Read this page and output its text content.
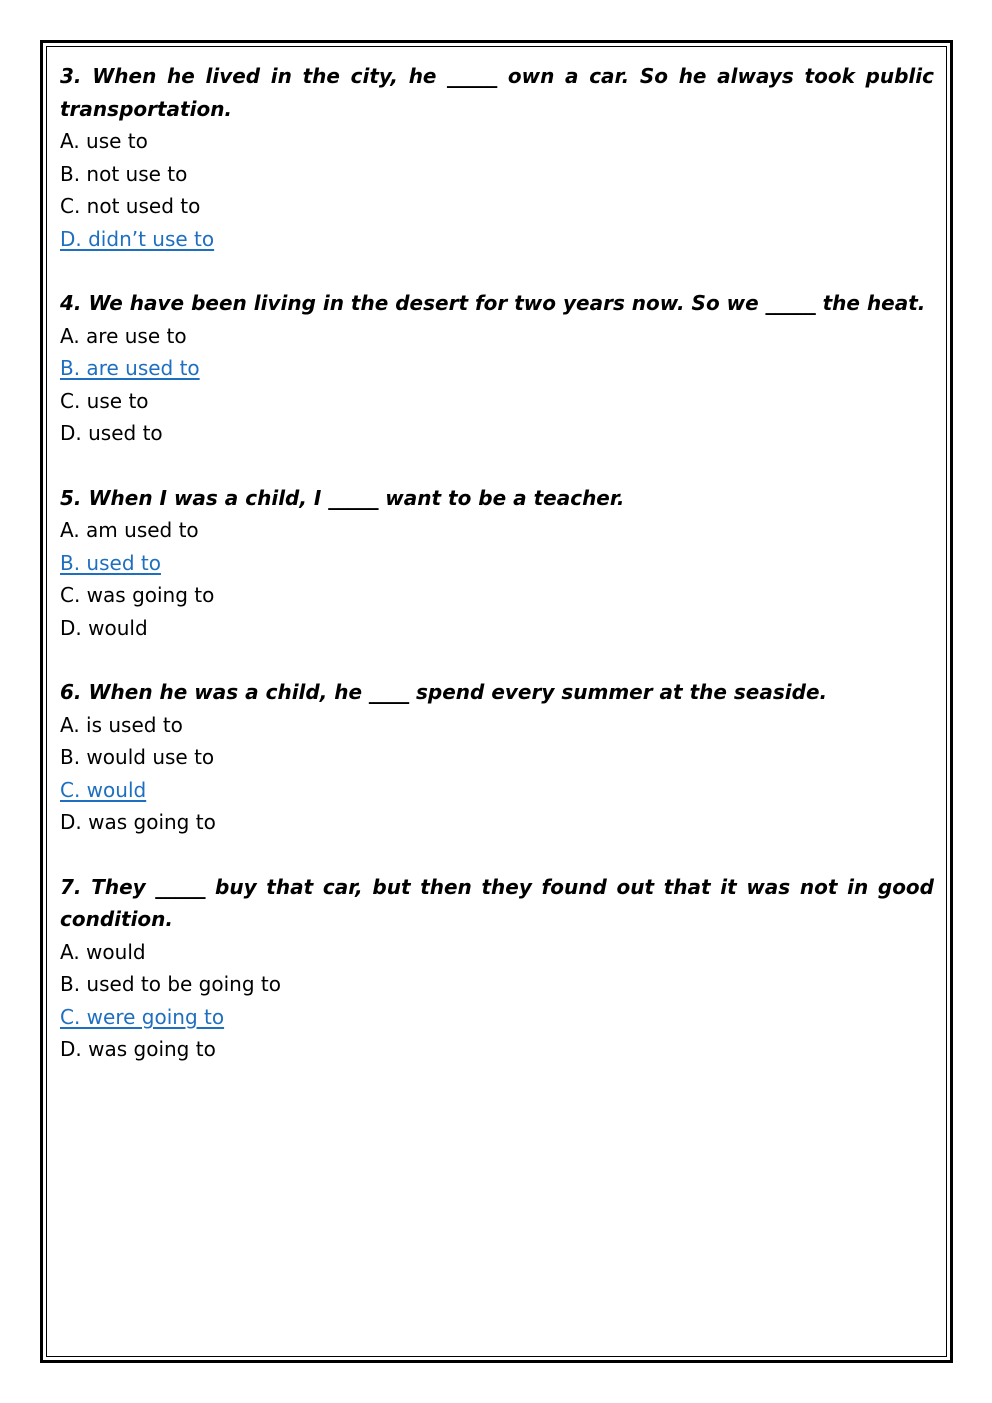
3. When he lived in the city, he _____ own a car. So he always took public transportation.

A. use to

B. not use to

C. not used to

D. didn’t use to

4. We have been living in the desert for two years now. So we _____ the heat.

A. are use to

B. are used to

C. use to

D. used to

5. When I was a child, I _____ want to be a teacher.

A. am used to

B. used to

C. was going to

D. would

6. When he was a child, he ____ spend every summer at the seaside.

A. is used to

B. would use to

C. would

D. was going to

7. They _____ buy that car, but then they found out that it was not in good condition.

A. would

B. used to be going to

C. were going to

D. was going to
